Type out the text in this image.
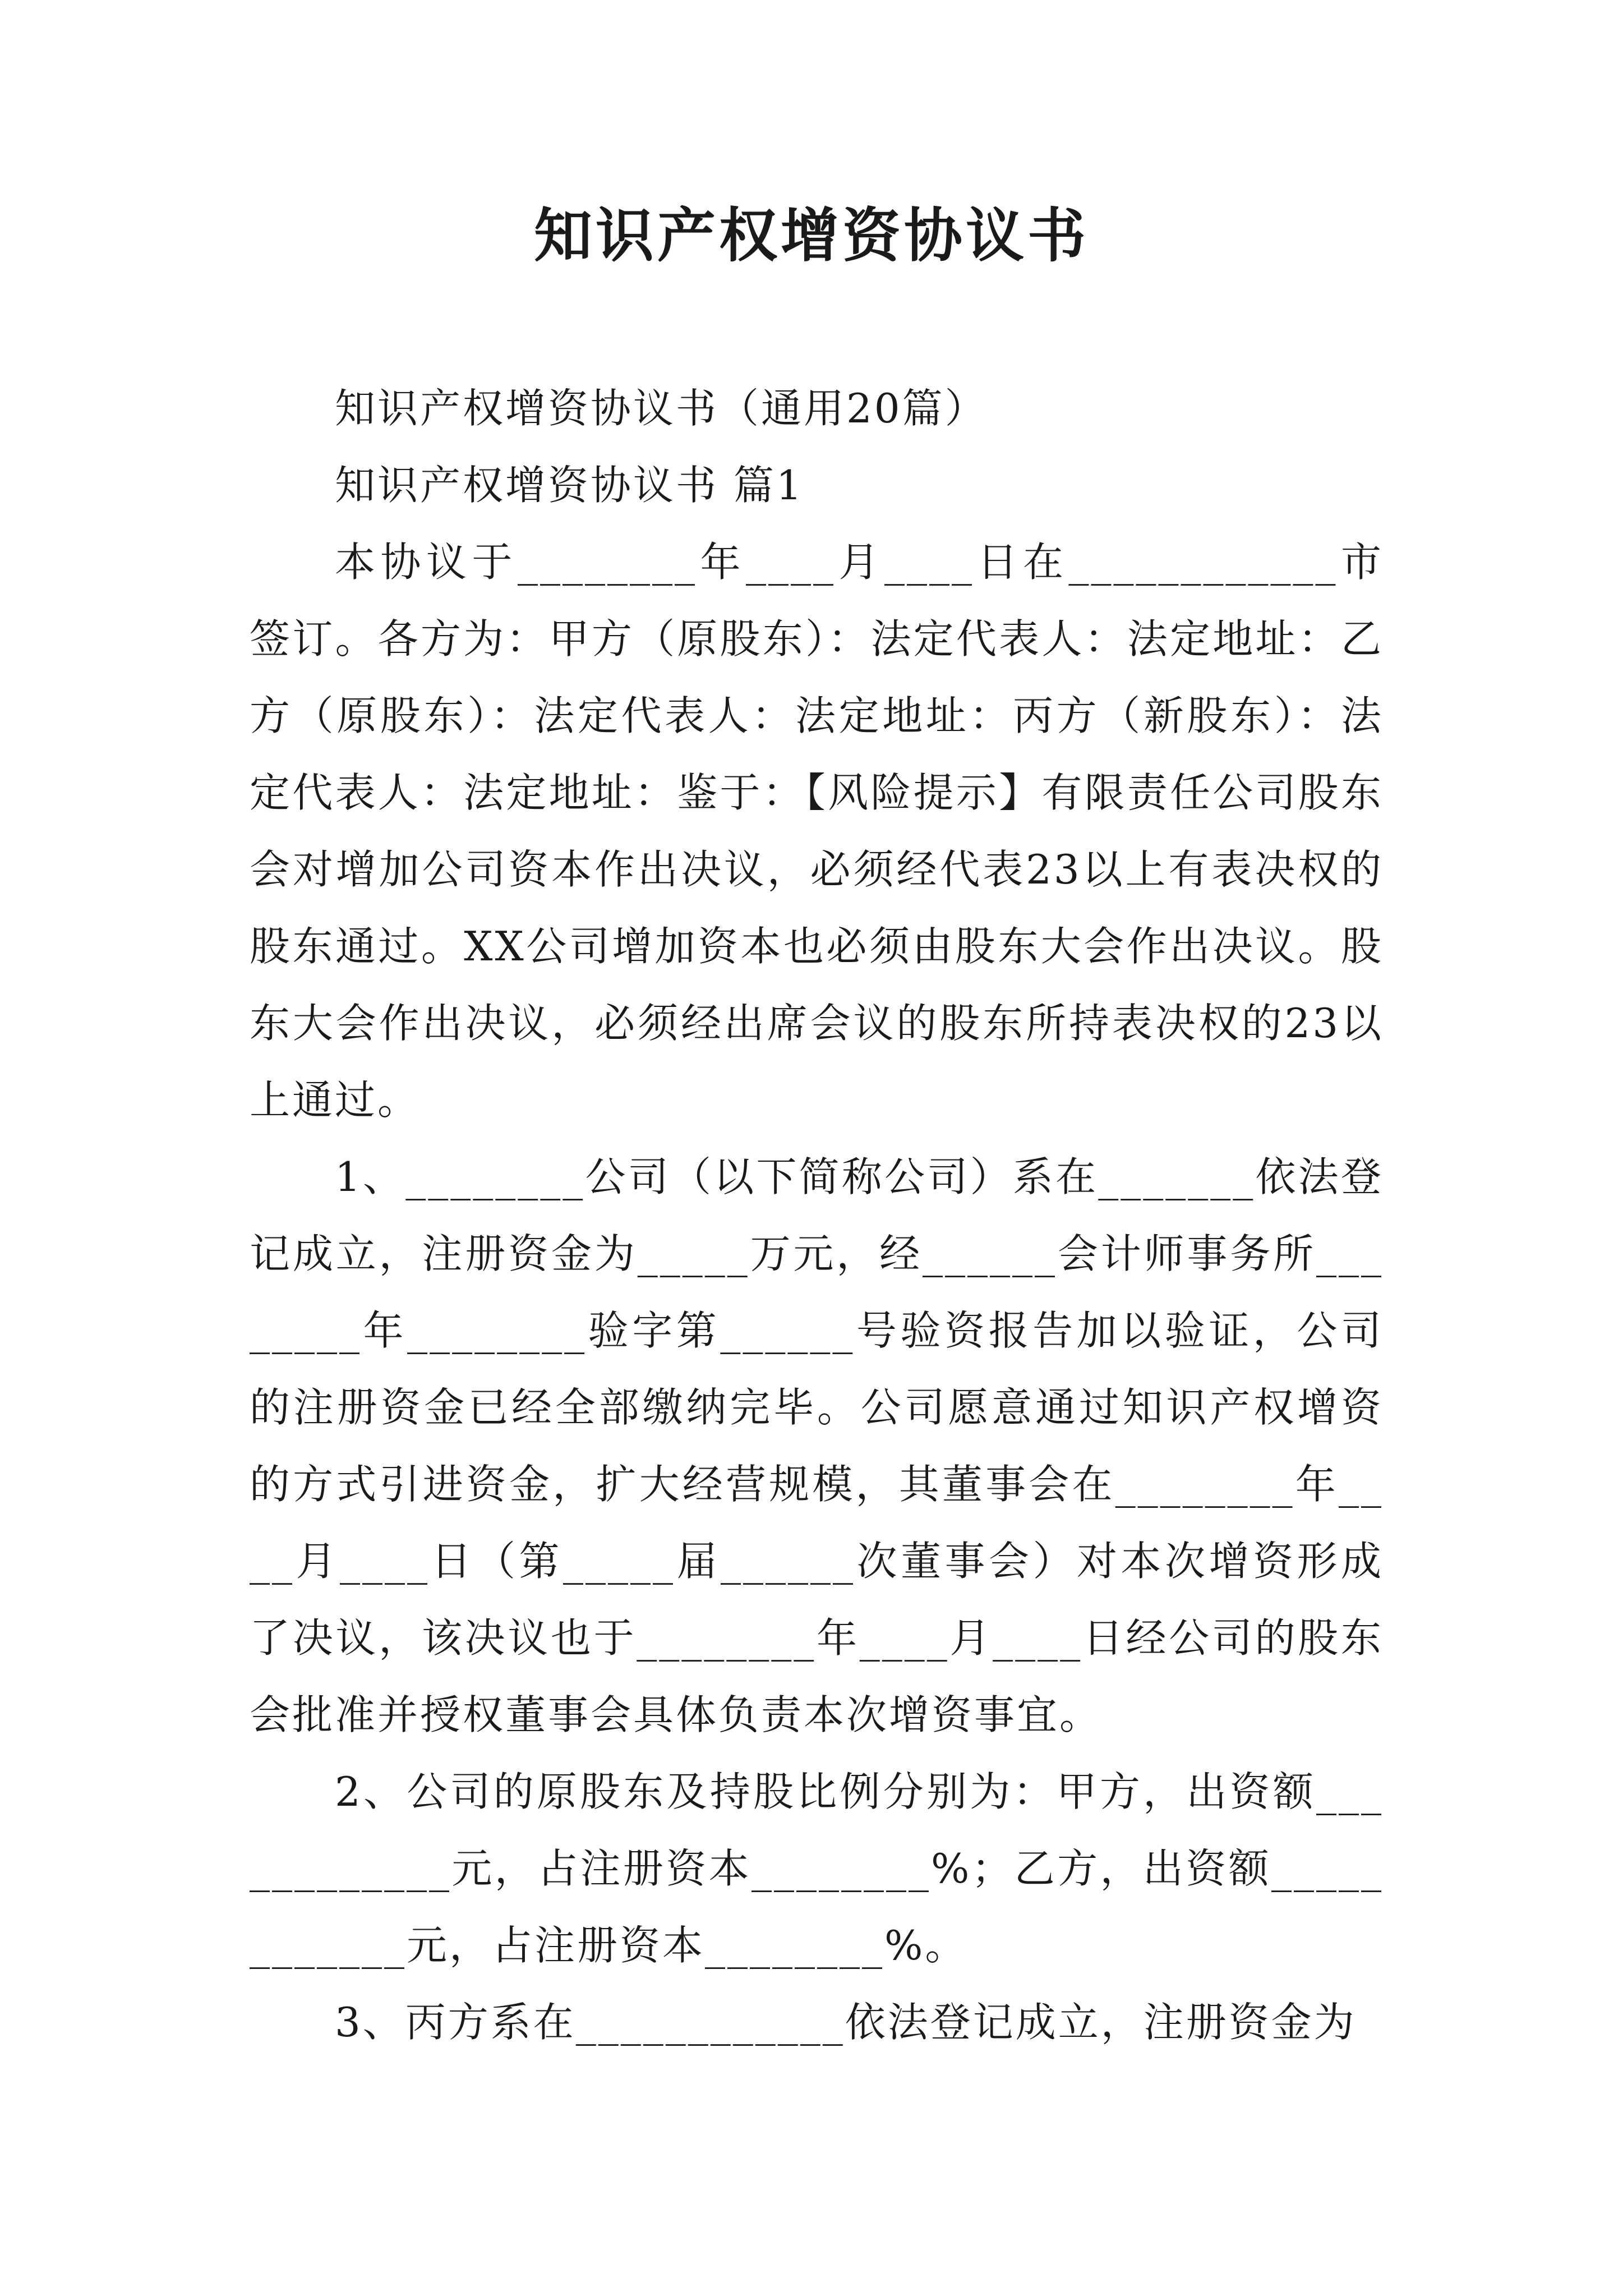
知识产权增资协议书

知识产权增资协议书（通用20篇）

知识产权增资协议书 篇1

本协议于________年____月____日在____________市签订。各方为：甲方（原股东）：法定代表人：法定地址：乙方（原股东）：法定代表人：法定地址：丙方（新股东）：法定代表人：法定地址：鉴于：【风险提示】有限责任公司股东会对增加公司资本作出决议，必须经代表23以上有表决权的股东通过。XX公司增加资本也必须由股东大会作出决议。股东大会作出决议，必须经出席会议的股东所持表决权的23以上通过。

1、________公司（以下简称公司）系在_______依法登记成立，注册资金为_____万元，经______会计师事务所________年________验字第______号验资报告加以验证，公司的注册资金已经全部缴纳完毕。公司愿意通过知识产权增资的方式引进资金，扩大经营规模，其董事会在________年____月____日（第_____届______次董事会）对本次增资形成了决议，该决议也于________年____月____日经公司的股东会批准并授权董事会具体负责本次增资事宜。

2、公司的原股东及持股比例分别为：甲方，出资额____________元，占注册资本________%；乙方，出资额____________元，占注册资本________%。

3、丙方系在____________依法登记成立，注册资金为
